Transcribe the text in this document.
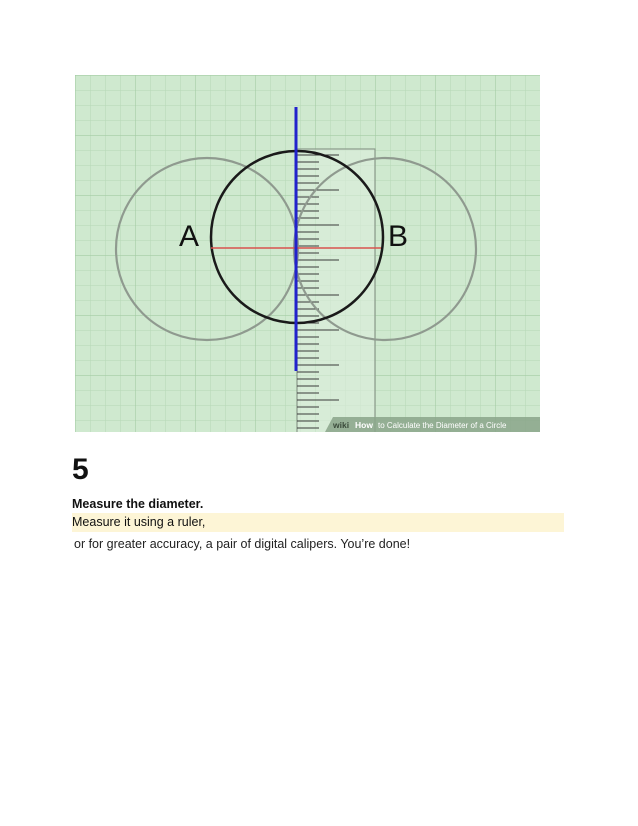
A	B
wiki How to Calculate the Diameter of a Circle
5

Measure the diameter.

Measure it using a ruler,

or for greater accuracy, a pair of digital calipers. You’re done!
